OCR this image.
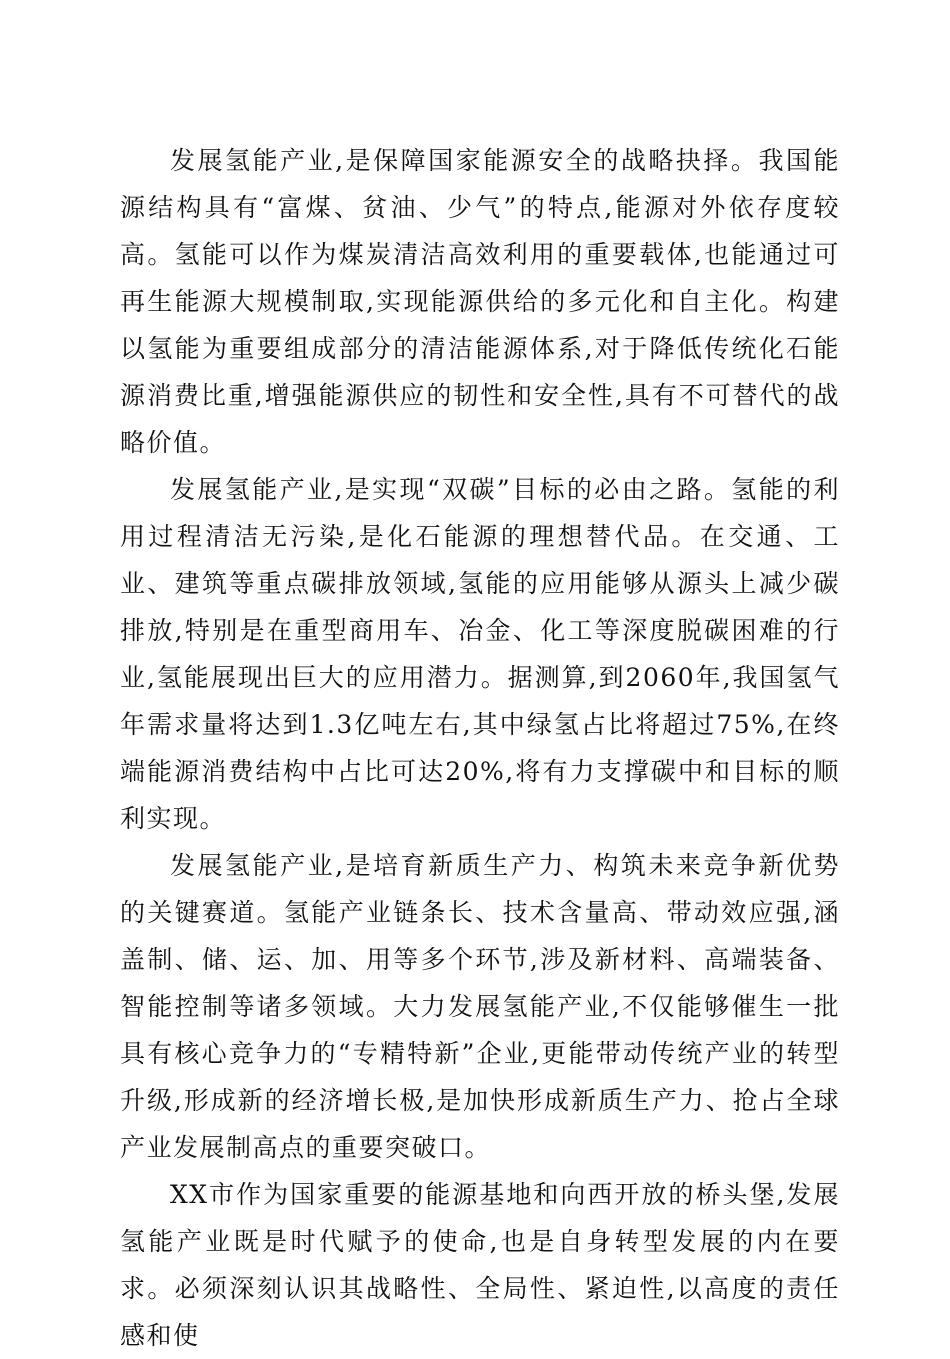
发展氢能产业,是保障国家能源安全的战略抉择。我国能源结构具有“富煤、贫油、少气”的特点,能源对外依存度较高。氢能可以作为煤炭清洁高效利用的重要载体,也能通过可再生能源大规模制取,实现能源供给的多元化和自主化。构建以氢能为重要组成部分的清洁能源体系,对于降低传统化石能源消费比重,增强能源供应的韧性和安全性,具有不可替代的战略价值。

发展氢能产业,是实现“双碳”目标的必由之路。氢能的利用过程清洁无污染,是化石能源的理想替代品。在交通、工业、建筑等重点碳排放领域,氢能的应用能够从源头上减少碳排放,特别是在重型商用车、冶金、化工等深度脱碳困难的行业,氢能展现出巨大的应用潜力。据测算,到2060年,我国氢气年需求量将达到1.3亿吨左右,其中绿氢占比将超过75%,在终端能源消费结构中占比可达20%,将有力支撑碳中和目标的顺利实现。

发展氢能产业,是培育新质生产力、构筑未来竞争新优势的关键赛道。氢能产业链条长、技术含量高、带动效应强,涵盖制、储、运、加、用等多个环节,涉及新材料、高端装备、智能控制等诸多领域。大力发展氢能产业,不仅能够催生一批具有核心竞争力的“专精特新”企业,更能带动传统产业的转型升级,形成新的经济增长极,是加快形成新质生产力、抢占全球产业发展制高点的重要突破口。

XX市作为国家重要的能源基地和向西开放的桥头堡,发展氢能产业既是时代赋予的使命,也是自身转型发展的内在要求。必须深刻认识其战略性、全局性、紧迫性,以高度的责任感和使
